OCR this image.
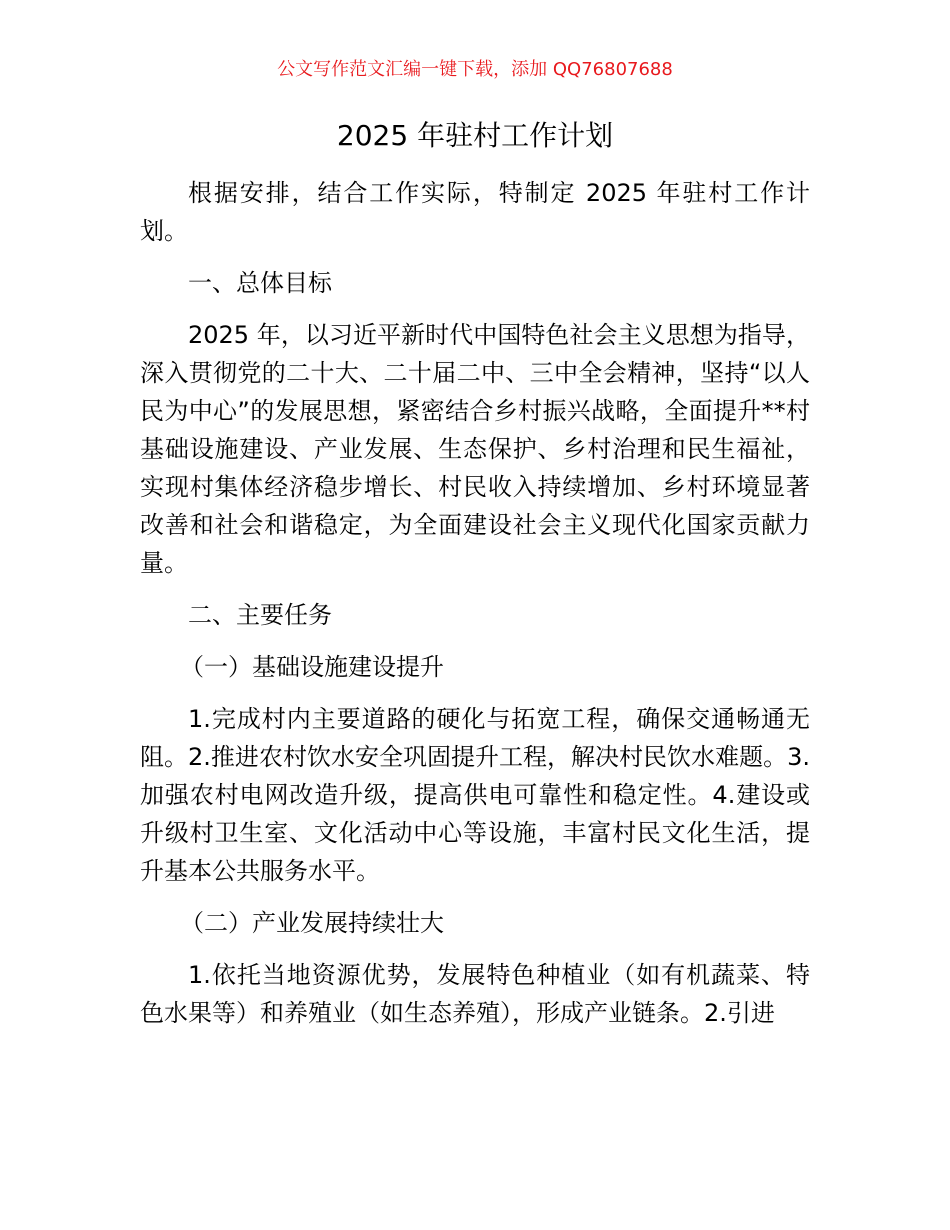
公文写作范文汇编一键下载，添加 QQ76807688
2025 年驻村工作计划

根据安排，结合工作实际，特制定 2025 年驻村工作计划。

一、总体目标

2025 年，以习近平新时代中国特色社会主义思想为指导，深入贯彻党的二十大、二十届二中、三中全会精神，坚持“以人民为中心”的发展思想，紧密结合乡村振兴战略，全面提升**村基础设施建设、产业发展、生态保护、乡村治理和民生福祉，实现村集体经济稳步增长、村民收入持续增加、乡村环境显著改善和社会和谐稳定，为全面建设社会主义现代化国家贡献力量。

二、主要任务

（一）基础设施建设提升

1.完成村内主要道路的硬化与拓宽工程，确保交通畅通无阻。2.推进农村饮水安全巩固提升工程，解决村民饮水难题。3.加强农村电网改造升级，提高供电可靠性和稳定性。4.建设或升级村卫生室、文化活动中心等设施，丰富村民文化生活，提升基本公共服务水平。

（二）产业发展持续壮大

1.依托当地资源优势，发展特色种植业（如有机蔬菜、特色水果等）和养殖业（如生态养殖），形成产业链条。2.引进
